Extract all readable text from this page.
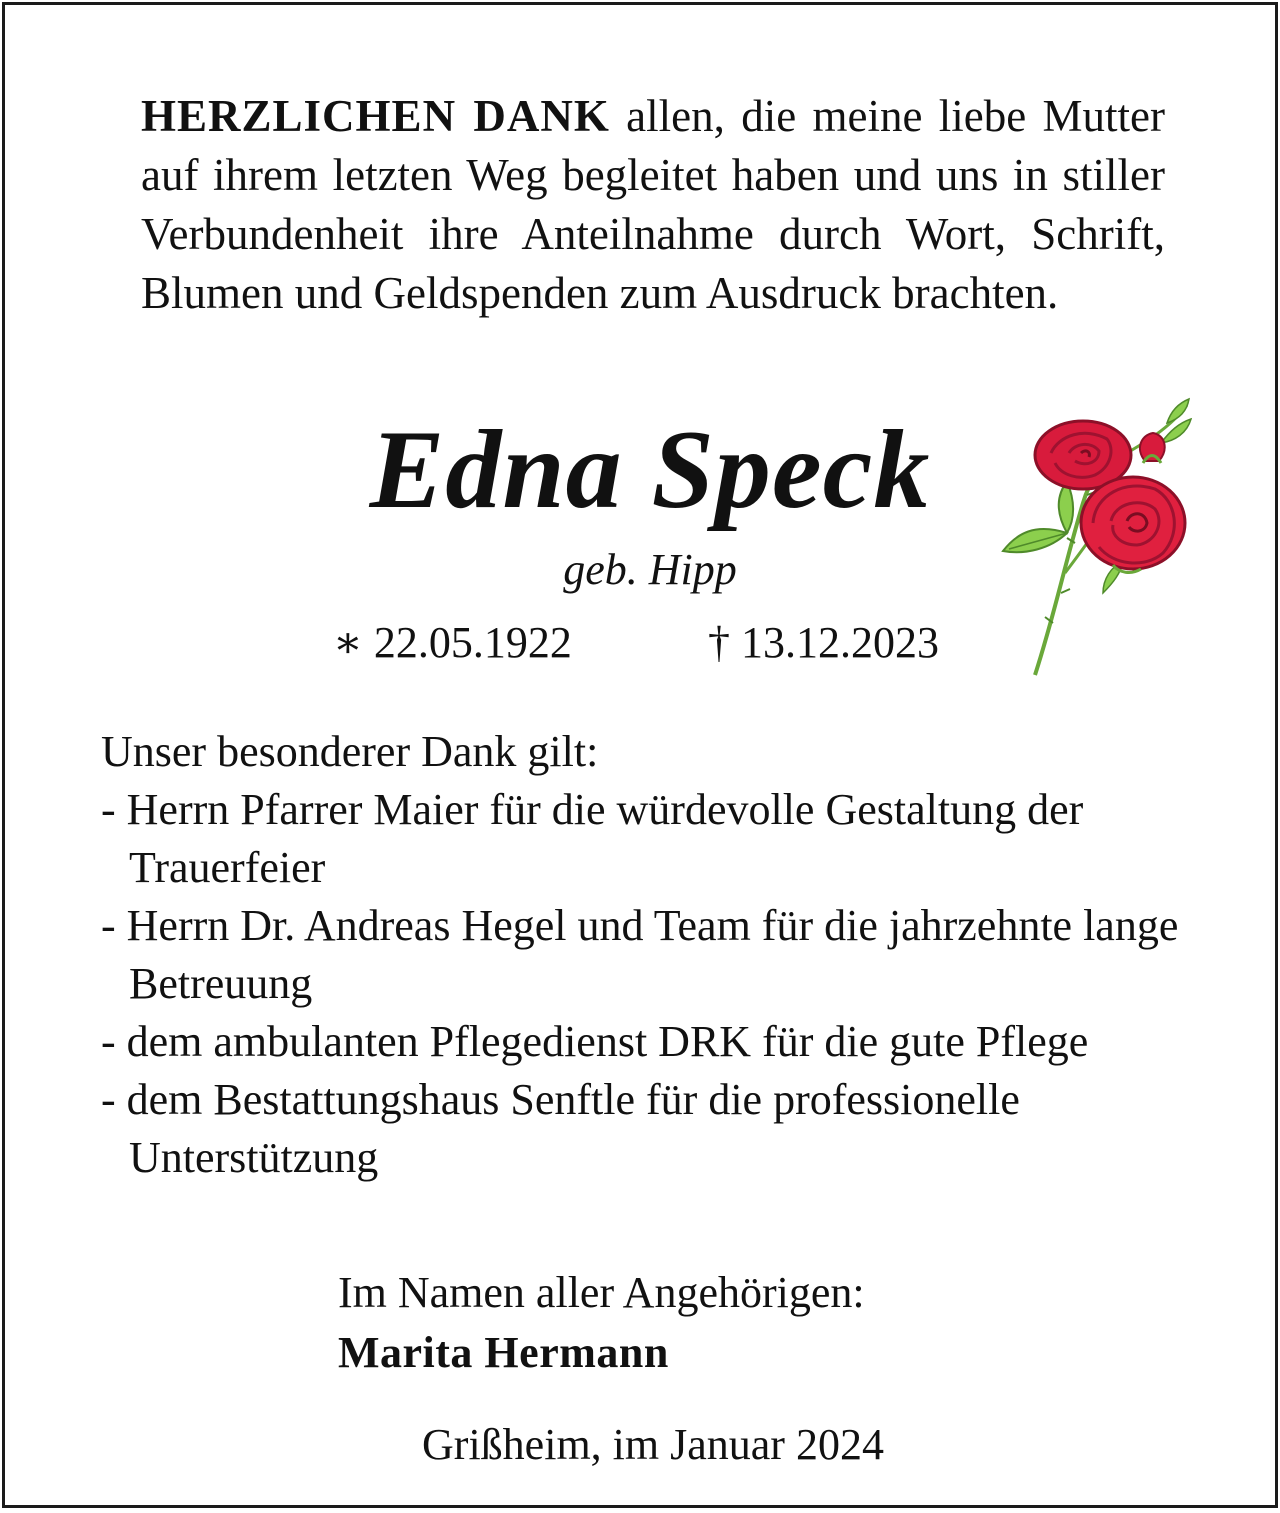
HERZLICHEN DANK allen, die meine liebe Mutter auf ihrem letzten Weg begleitet haben und uns in stiller Verbundenheit ihre Anteilnahme durch Wort, Schrift, Blumen und Geldspenden zum Ausdruck brachten.

Edna Speck
geb. Hipp
∗ 22.05.1922	† 13.12.2023
Unser besonderer Dank gilt:
- Herrn Pfarrer Maier für die würdevolle Gestaltung der Trauerfeier
- Herrn Dr. Andreas Hegel und Team für die jahrzehnte lange Betreuung
- dem ambulanten Pflegedienst DRK für die gute Pflege
- dem Bestattungshaus Senftle für die professionelle Unterstützung
Im Namen aller Angehörigen:
Marita Hermann
Grißheim, im Januar 2024
